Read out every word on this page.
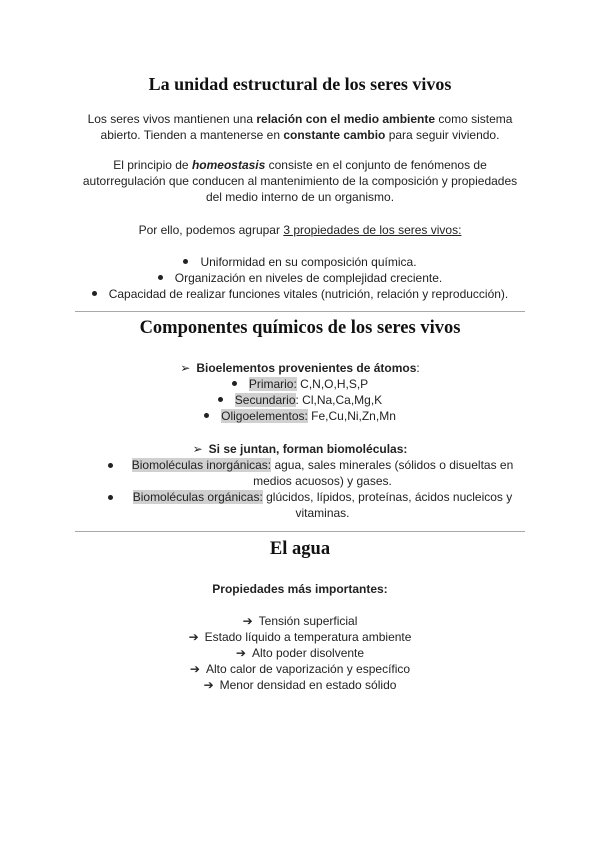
La unidad estructural de los seres vivos

Los seres vivos mantienen una relación con el medio ambiente como sistema abierto. Tienden a mantenerse en constante cambio para seguir viviendo.

El principio de homeostasis consiste en el conjunto de fenómenos de autorregulación que conducen al mantenimiento de la composición y propiedades del medio interno de un organismo.

Por ello, podemos agrupar 3 propiedades de los seres vivos:

Uniformidad en su composición química.
Organización en niveles de complejidad creciente.
Capacidad de realizar funciones vitales (nutrición, relación y reproducción).
Componentes químicos de los seres vivos

➢ Bioelementos provenientes de átomos:

Primario: C,N,O,H,S,P
Secundario: Cl,Na,Ca,Mg,K
Oligoelementos: Fe,Cu,Ni,Zn,Mn

➢ Si se juntan, forman biomoléculas:

Biomoléculas inorgánicas: agua, sales minerales (sólidos o disueltas en medios acuosos) y gases.
Biomoléculas orgánicas: glúcidos, lípidos, proteínas, ácidos nucleicos y vitaminas.
El agua

Propiedades más importantes:

➔ Tensión superficial
➔ Estado líquido a temperatura ambiente
➔ Alto poder disolvente
➔ Alto calor de vaporización y específico
➔ Menor densidad en estado sólido
